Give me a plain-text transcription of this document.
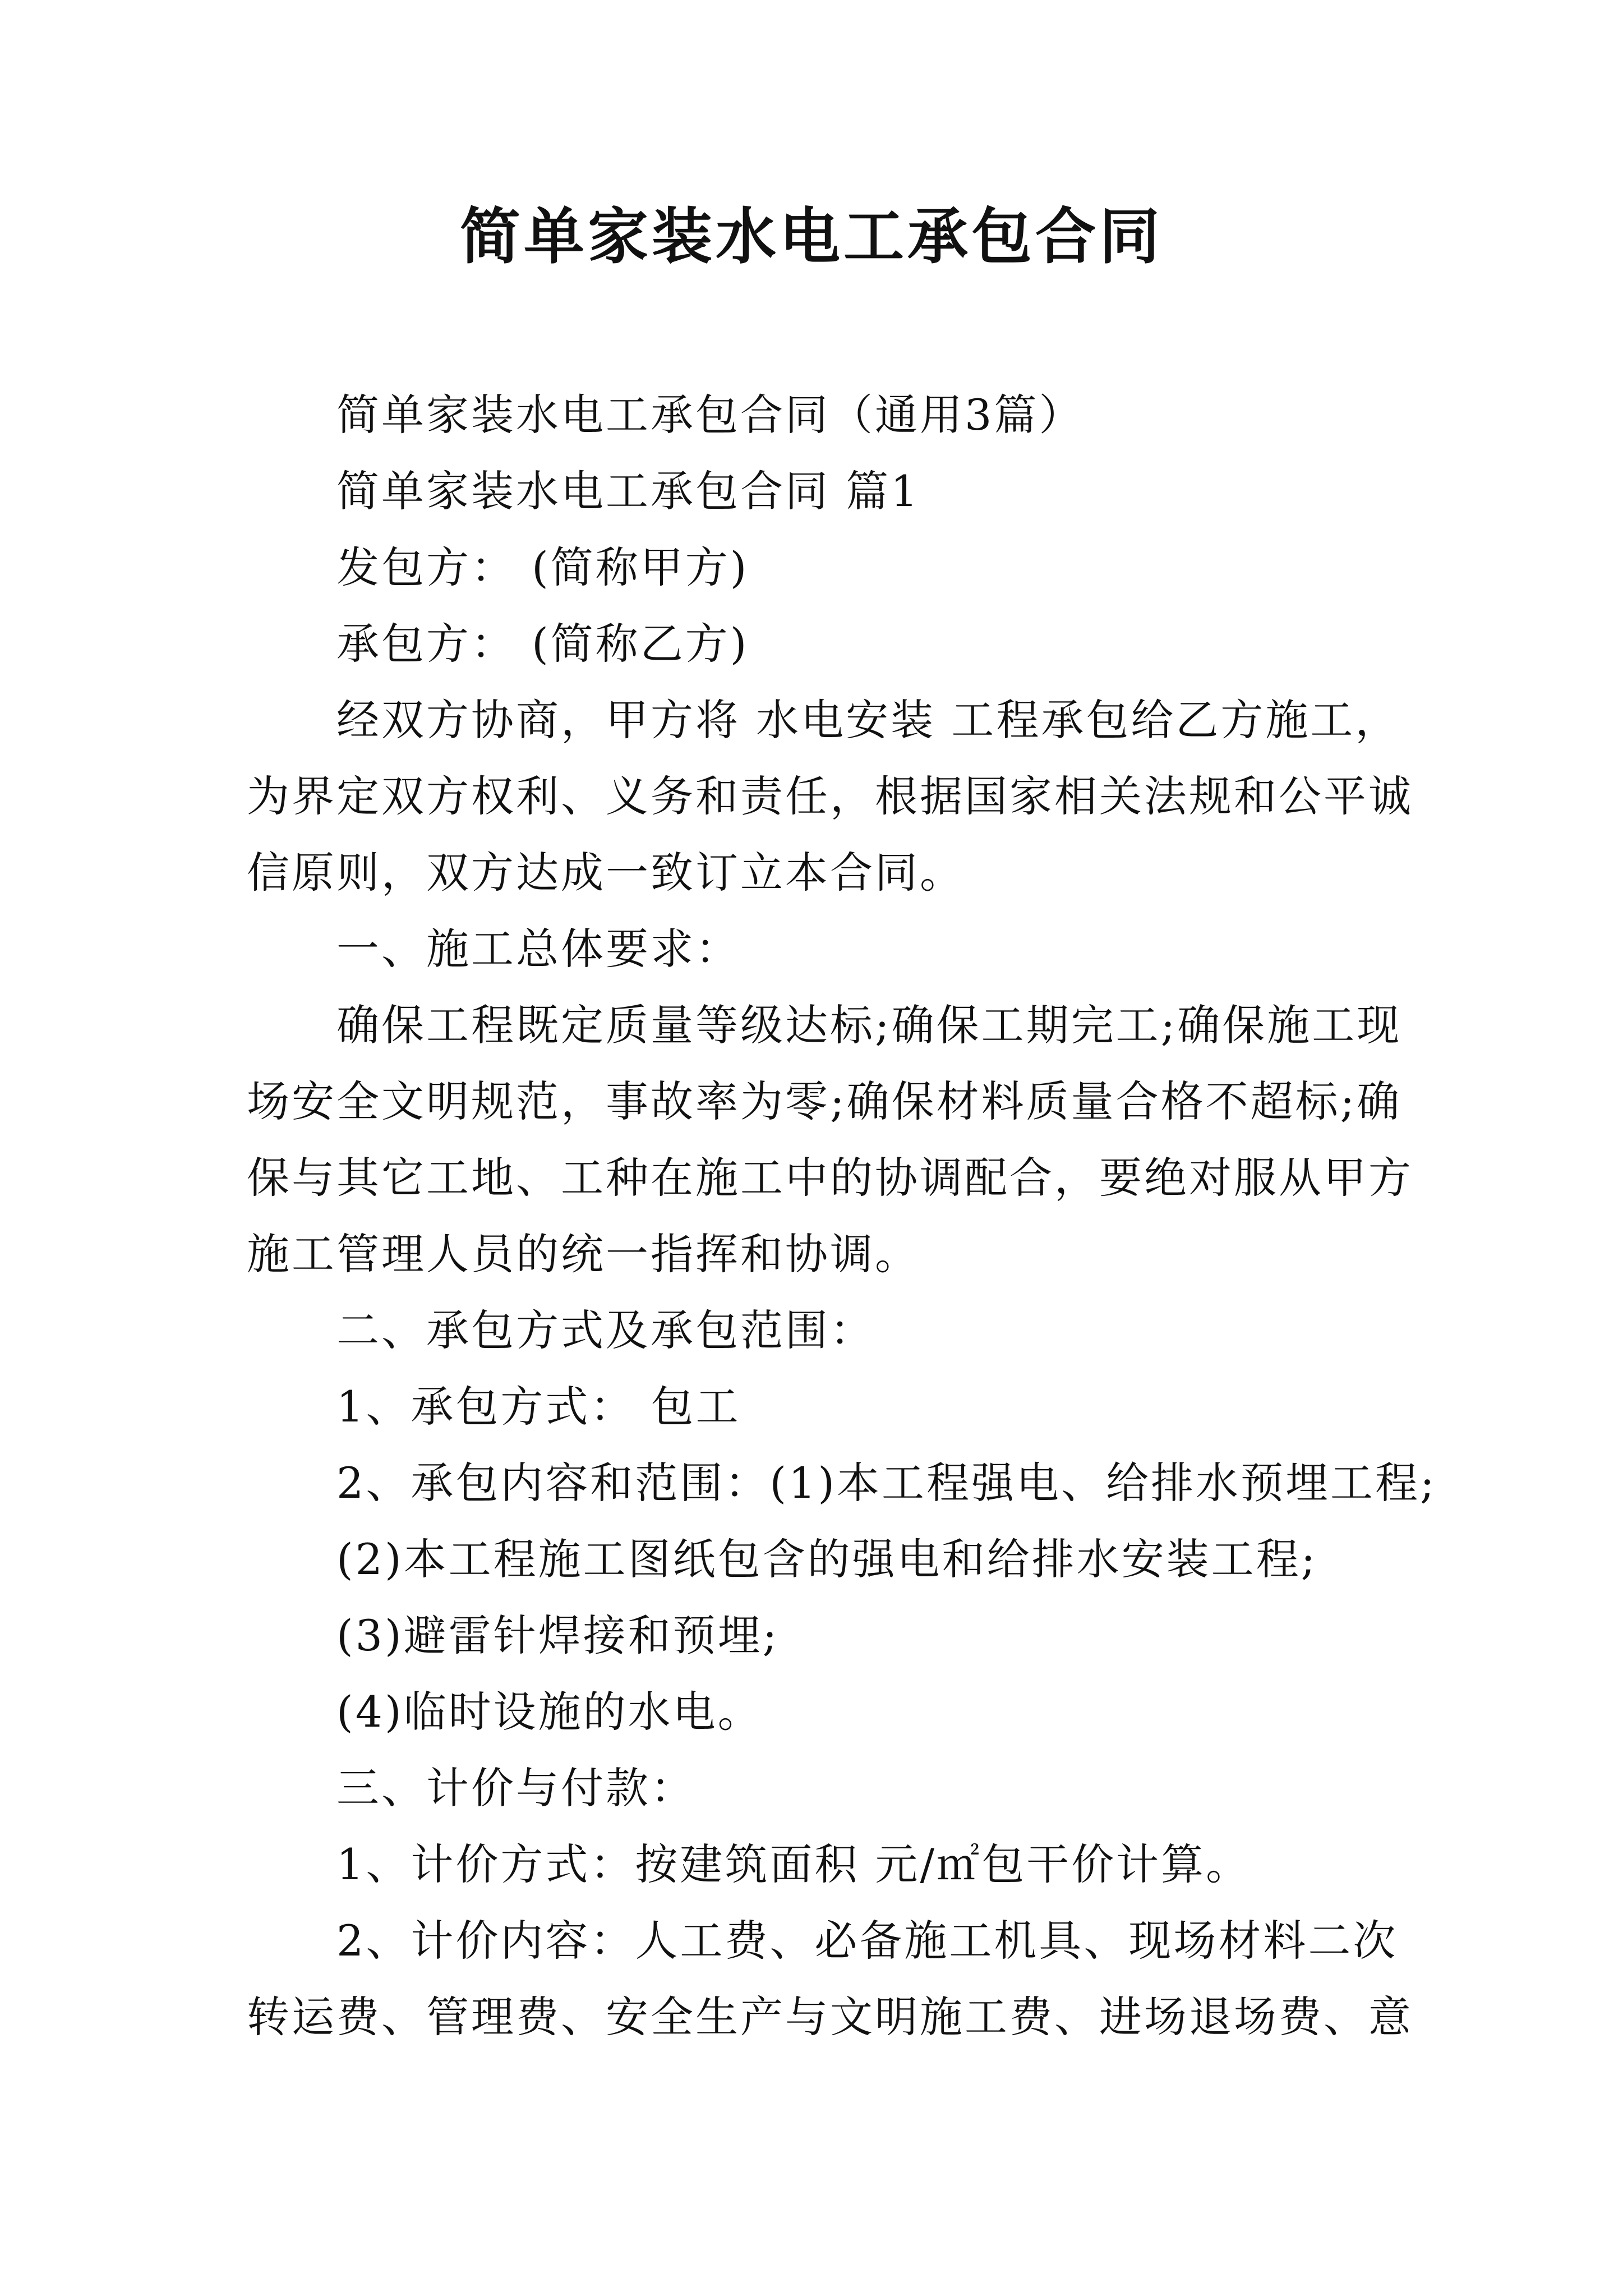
简单家装水电工承包合同
简单家装水电工承包合同（通用3篇）
简单家装水电工承包合同 篇1
发包方： (简称甲方)
承包方： (简称乙方)
经双方协商，甲方将 水电安装 工程承包给乙方施工，
为界定双方权利、义务和责任，根据国家相关法规和公平诚
信原则，双方达成一致订立本合同。
一、施工总体要求：
确保工程既定质量等级达标;确保工期完工;确保施工现
场安全文明规范，事故率为零;确保材料质量合格不超标;确
保与其它工地、工种在施工中的协调配合，要绝对服从甲方
施工管理人员的统一指挥和协调。
二、承包方式及承包范围：
1、承包方式： 包工
2、承包内容和范围：(1)本工程强电、给排水预埋工程;
(2)本工程施工图纸包含的强电和给排水安装工程;
(3)避雷针焊接和预埋;
(4)临时设施的水电。
三、计价与付款：
1、计价方式：按建筑面积 元/㎡包干价计算。
2、计价内容：人工费、必备施工机具、现场材料二次
转运费、管理费、安全生产与文明施工费、进场退场费、意
